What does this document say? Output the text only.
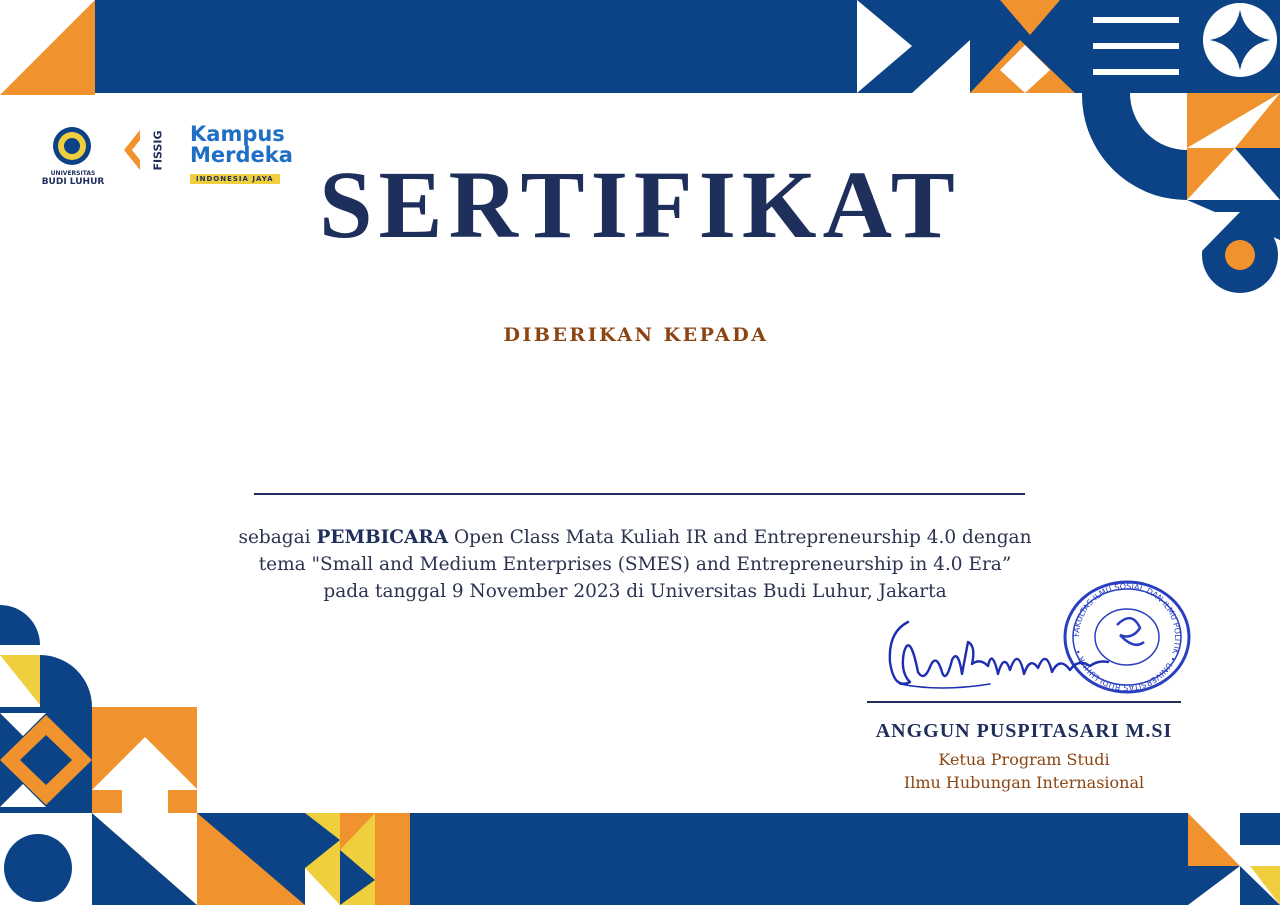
UNIVERSITAS
BUDI LUHUR
FISSIG Kampus
Merdeka
INDONESIA JAYA SERTIFIKAT
DIBERIKAN KEPADA
sebagai PEMBICARA Open Class Mata Kuliah IR and Entrepreneurship 4.0 dengan
tema "Small and Medium Enterprises (SMES) and Entrepreneurship in 4.0 Era”
pada tanggal 9 November 2023 di Universitas Budi Luhur, Jakarta
FAKULTAS ILMU SOSIAL DAN ILMU POLITIK • UNIVERSITAS BUDI LUHUR •
ANGGUN PUSPITASARI M.SI
Ketua Program Studi
Ilmu Hubungan Internasional
